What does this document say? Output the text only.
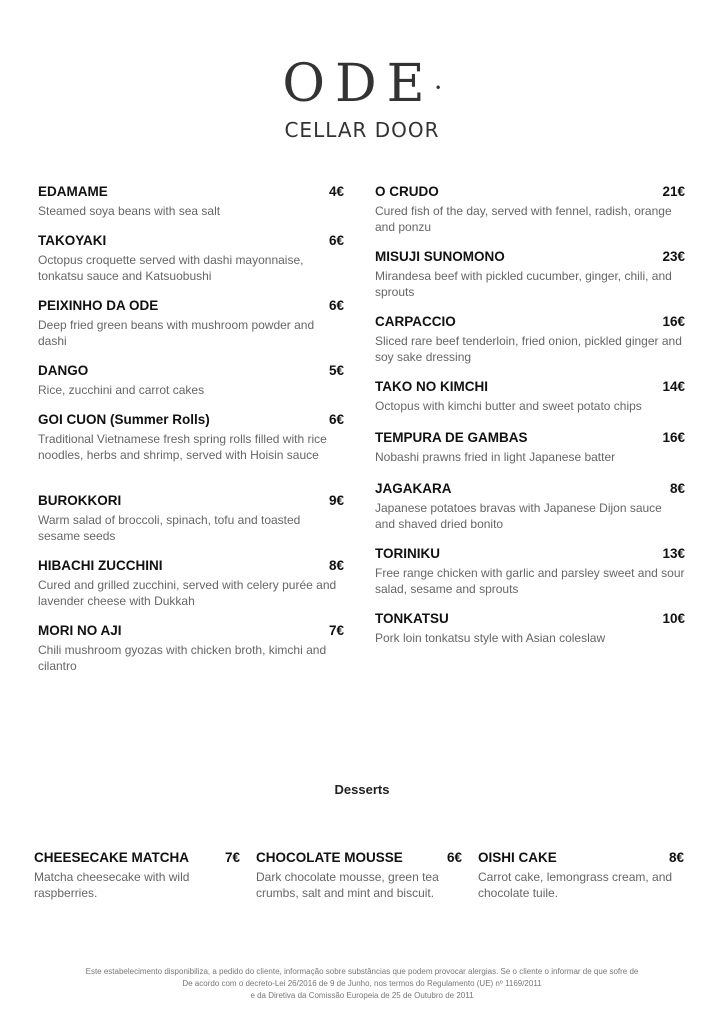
ODE•
CELLAR DOOR
EDAMAME	4€
Steamed soya beans with sea salt
TAKOYAKI	6€
Octopus croquette served with dashi mayonnaise, tonkatsu sauce and Katsuobushi
PEIXINHO DA ODE	6€
Deep fried green beans with mushroom powder and dashi
DANGO	5€
Rice, zucchini and carrot cakes
GOI CUON (Summer Rolls)	6€
Traditional Vietnamese fresh spring rolls filled with rice noodles, herbs and shrimp, served with Hoisin sauce
BUROKKORI	9€
Warm salad of broccoli, spinach, tofu and toasted sesame seeds
HIBACHI ZUCCHINI	8€
Cured and grilled zucchini, served with celery purée and lavender cheese with Dukkah
MORI NO AJI	7€
Chili mushroom gyozas with chicken broth, kimchi and cilantro
O CRUDO	21€
Cured fish of the day, served with fennel, radish, orange and ponzu
MISUJI SUNOMONO	23€
Mirandesa beef with pickled cucumber, ginger, chili, and sprouts
CARPACCIO	16€
Sliced rare beef tenderloin, fried onion, pickled ginger and soy sake dressing
TAKO NO KIMCHI	14€
Octopus with kimchi butter and sweet potato chips
TEMPURA DE GAMBAS	16€
Nobashi prawns fried in light Japanese batter
JAGAKARA	8€
Japanese potatoes bravas with Japanese Dijon sauce and shaved dried bonito
TORINIKU	13€
Free range chicken with garlic and parsley sweet and sour salad, sesame and sprouts
TONKATSU	10€
Pork loin tonkatsu style with Asian coleslaw
Desserts
CHEESECAKE MATCHA	7€
Matcha cheesecake with wild raspberries.
CHOCOLATE MOUSSE	6€
Dark chocolate mousse, green tea crumbs, salt and mint and biscuit.
OISHI CAKE	8€
Carrot cake, lemongrass cream, and chocolate tuile.
Este estabelecimento disponibiliza, a pedido do cliente, informação sobre substâncias que podem provocar alergias. Se o cliente o informar de que sofre de
De acordo com o decreto-Lei 26/2016 de 9 de Junho, nos termos do Regulamento (UE) nº 1169/2011
e da Diretiva da Comissão Europeia de 25 de Outubro de 2011
